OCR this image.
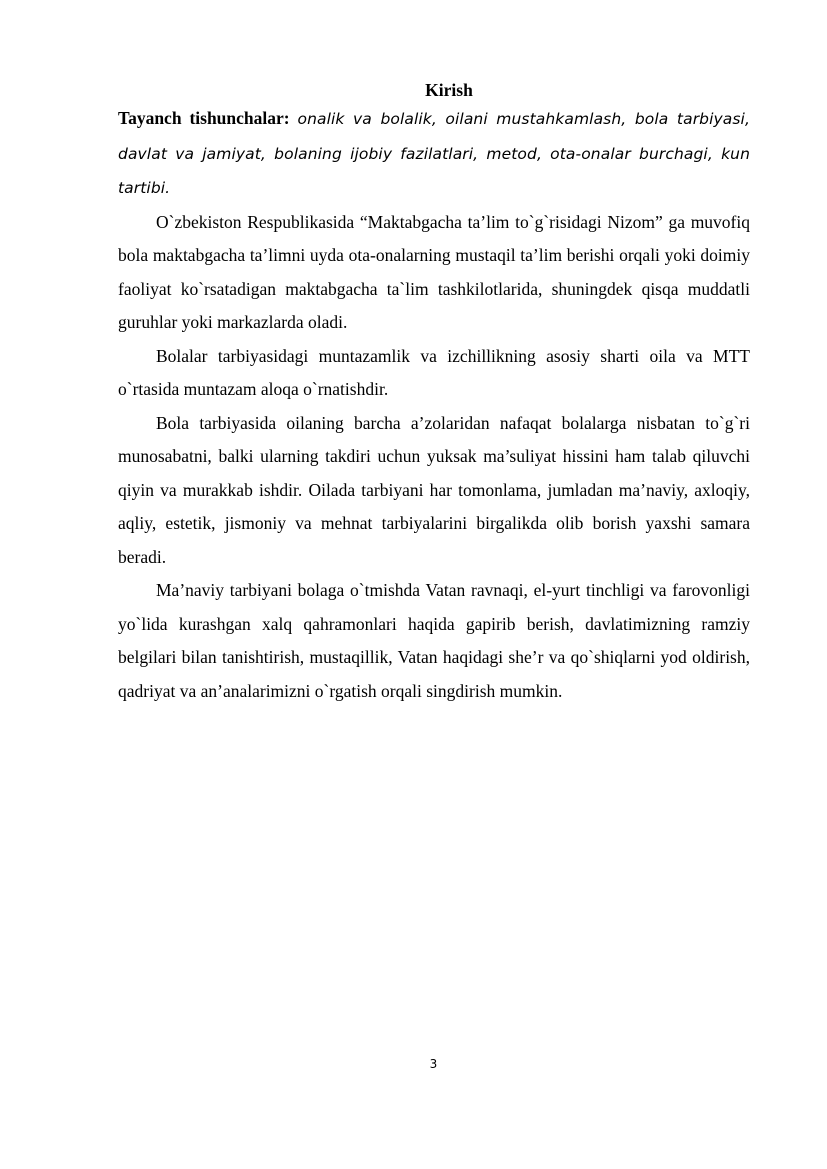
Kirish

Tayanch tishunchalar: onalik va bolalik, oilani mustahkamlash, bola tarbiyasi, davlat va jamiyat, bolaning ijobiy fazilatlari, metod, ota-onalar burchagi, kun tartibi.

O`zbekiston Respublikasida “Maktabgacha ta’lim to`g`risidagi Nizom” ga muvofiq bola maktabgacha ta’limni uyda ota-onalarning mustaqil ta’lim berishi orqali yoki doimiy faoliyat ko`rsatadigan maktabgacha ta`lim tashkilotlarida, shuningdek qisqa muddatli guruhlar yoki markazlarda oladi.

Bolalar tarbiyasidagi muntazamlik va izchillikning asosiy sharti oila va MTT o`rtasida muntazam aloqa o`rnatishdir.

Bola tarbiyasida oilaning barcha a’zolaridan nafaqat bolalarga nisbatan to`g`ri munosabatni, balki ularning takdiri uchun yuksak ma’suliyat hissini ham talab qiluvchi qiyin va murakkab ishdir. Oilada tarbiyani har tomonlama, jumladan ma’naviy, axloqiy, aqliy, estetik, jismoniy va mehnat tarbiyalarini birgalikda olib borish yaxshi samara beradi.

Ma’naviy tarbiyani bolaga o`tmishda Vatan ravnaqi, el-yurt tinchligi va farovonligi yo`lida kurashgan xalq qahramonlari haqida gapirib berish, davlatimizning ramziy belgilari bilan tanishtirish, mustaqillik, Vatan haqidagi she’r va qo`shiqlarni yod oldirish, qadriyat va an’analarimizni o`rgatish orqali singdirish mumkin.

3
